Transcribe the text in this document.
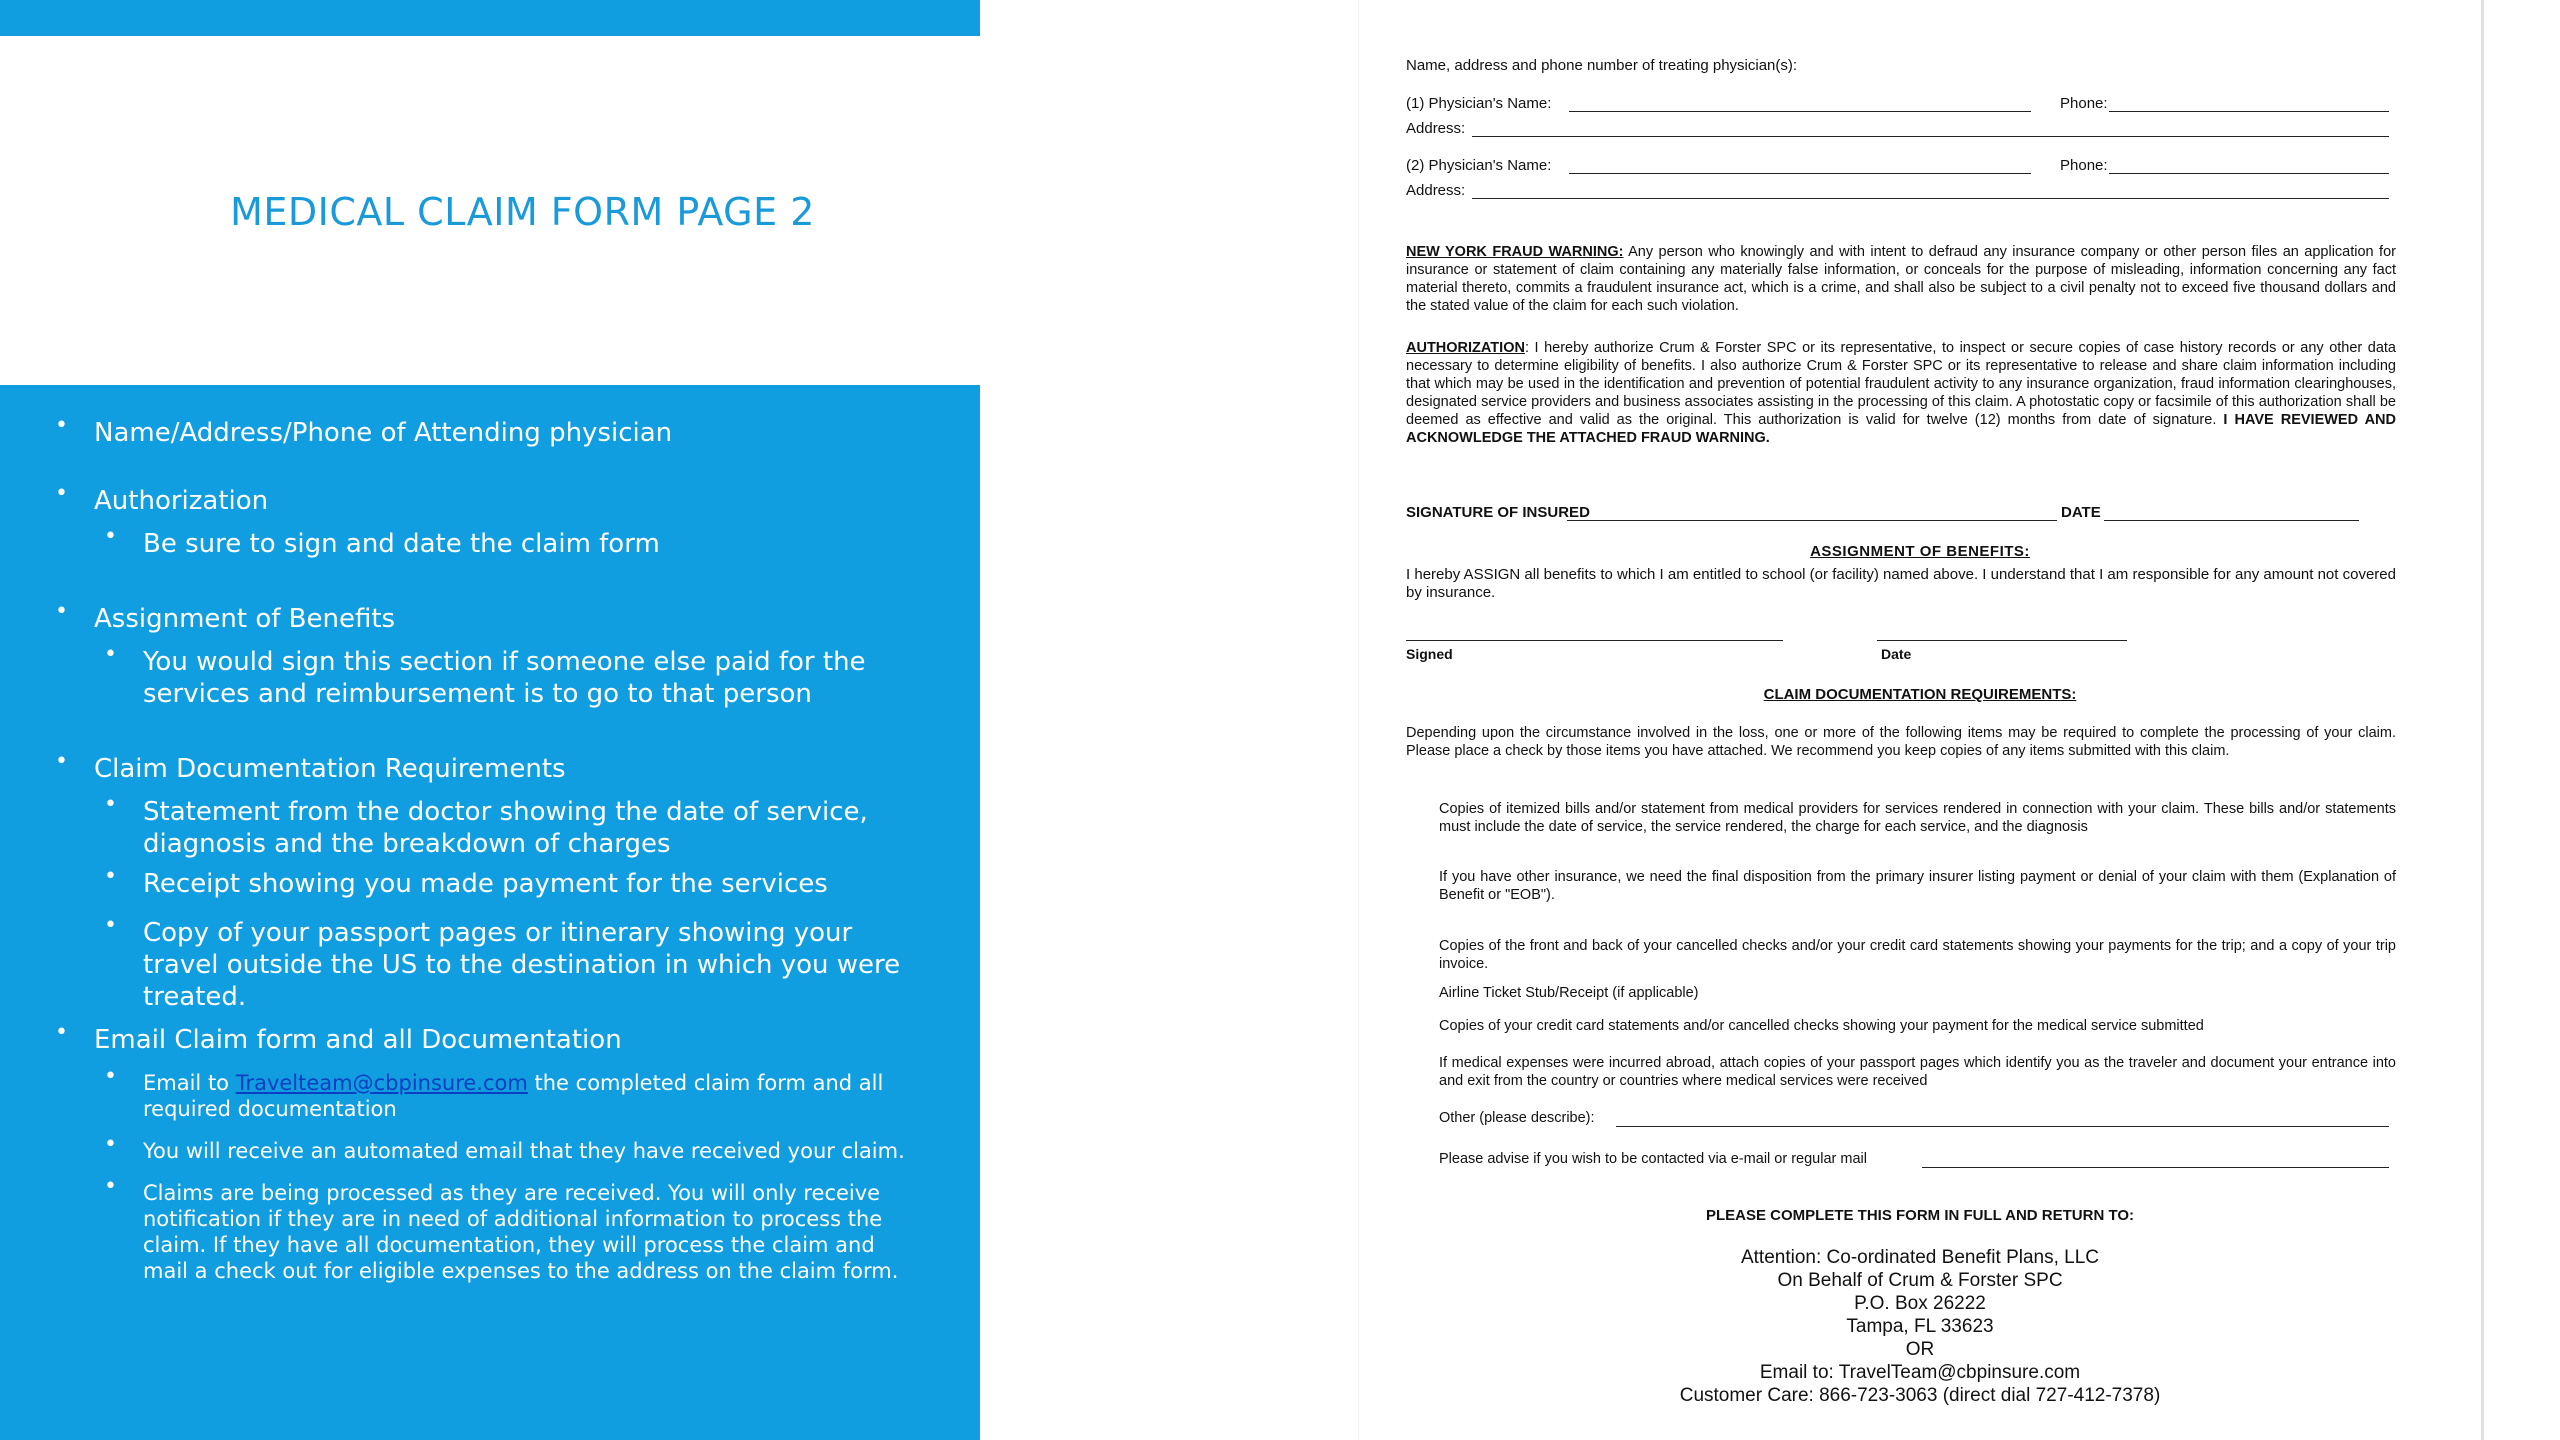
MEDICAL CLAIM FORM PAGE 2
• Name/Address/Phone of Attending physician
• Authorization
• Be sure to sign and date the claim form
• Assignment of Benefits
• You would sign this section if someone else paid for the services and reimbursement is to go to that person
• Claim Documentation Requirements
• Statement from the doctor showing the date of service, diagnosis and the breakdown of charges
• Receipt showing you made payment for the services
• Copy of your passport pages or itinerary showing your travel outside the US to the destination in which you were treated.
• Email Claim form and all Documentation
• Email to Travelteam@cbpinsure.com the completed claim form and all required documentation
• You will receive an automated email that they have received your claim.
• Claims are being processed as they are received. You will only receive notification if they are in need of additional information to process the claim. If they have all documentation, they will process the claim and mail a check out for eligible expenses to the address on the claim form.
Name, address and phone number of treating physician(s):
(1) Physician's Name:	Phone:
Address:
(2) Physician's Name:	Phone:
Address:
NEW YORK FRAUD WARNING: Any person who knowingly and with intent to defraud any insurance company or other person files an application for insurance or statement of claim containing any materially false information, or conceals for the purpose of misleading, information concerning any fact material thereto, commits a fraudulent insurance act, which is a crime, and shall also be subject to a civil penalty not to exceed five thousand dollars and the stated value of the claim for each such violation.
AUTHORIZATION: I hereby authorize Crum & Forster SPC or its representative, to inspect or secure copies of case history records or any other data necessary to determine eligibility of benefits. I also authorize Crum & Forster SPC or its representative to release and share claim information including that which may be used in the identification and prevention of potential fraudulent activity to any insurance organization, fraud information clearinghouses, designated service providers and business associates assisting in the processing of this claim. A photostatic copy or facsimile of this authorization shall be deemed as effective and valid as the original. This authorization is valid for twelve (12) months from date of signature. I HAVE REVIEWED AND ACKNOWLEDGE THE ATTACHED FRAUD WARNING.
SIGNATURE OF INSURED	DATE
ASSIGNMENT OF BENEFITS:
I hereby ASSIGN all benefits to which I am entitled to school (or facility) named above. I understand that I am responsible for any amount not covered by insurance.
Signed	Date
CLAIM DOCUMENTATION REQUIREMENTS:
Depending upon the circumstance involved in the loss, one or more of the following items may be required to complete the processing of your claim. Please place a check by those items you have attached. We recommend you keep copies of any items submitted with this claim.
Copies of itemized bills and/or statement from medical providers for services rendered in connection with your claim. These bills and/or statements must include the date of service, the service rendered, the charge for each service, and the diagnosis
If you have other insurance, we need the final disposition from the primary insurer listing payment or denial of your claim with them (Explanation of Benefit or "EOB").
Copies of the front and back of your cancelled checks and/or your credit card statements showing your payments for the trip; and a copy of your trip invoice.
Airline Ticket Stub/Receipt (if applicable)
Copies of your credit card statements and/or cancelled checks showing your payment for the medical service submitted
If medical expenses were incurred abroad, attach copies of your passport pages which identify you as the traveler and document your entrance into and exit from the country or countries where medical services were received
Other (please describe):
Please advise if you wish to be contacted via e-mail or regular mail
PLEASE COMPLETE THIS FORM IN FULL AND RETURN TO:
Attention: Co-ordinated Benefit Plans, LLC
On Behalf of Crum & Forster SPC
P.O. Box 26222
Tampa, FL 33623
OR
Email to: TravelTeam@cbpinsure.com
Customer Care: 866-723-3063 (direct dial 727-412-7378)
